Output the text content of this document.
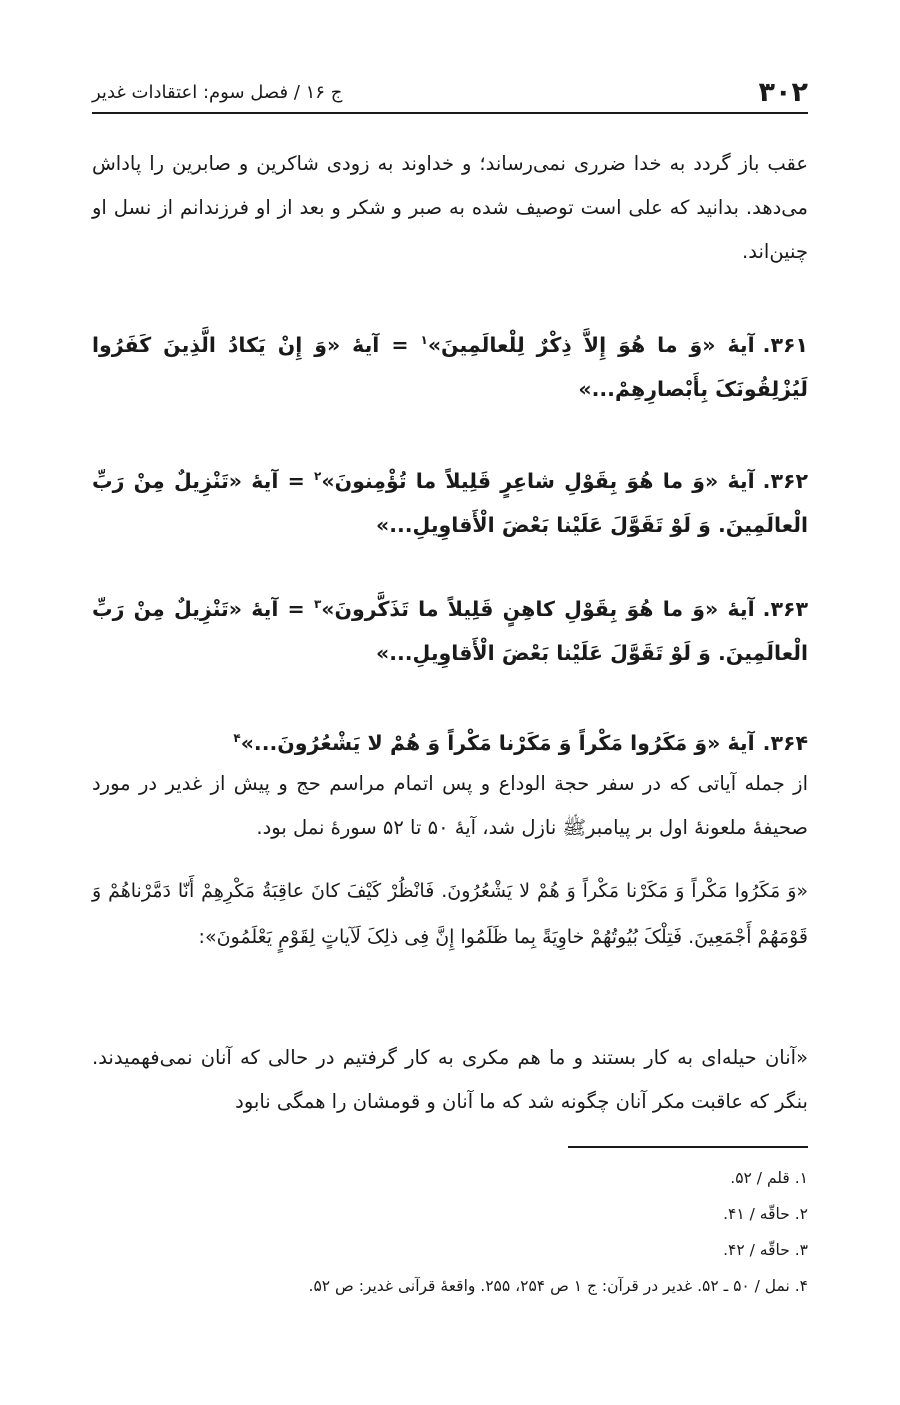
۳۰۲
ج ۱۶ / فصل سوم: اعتقادات غدیر

عقب باز گردد به خدا ضرری نمی‌رساند؛ و خداوند به زودی شاکرین و صابرین را پاداش می‌دهد. بدانید که علی است توصیف شده به صبر و شکر و بعد از او فرزندانم از نسل او چنین‌اند.

۳۶۱.آیهٔ «وَ ما هُوَ إِلاَّ ذِکْرٌ لِلْعالَمِینَ»$^۱$ = آیهٔ «وَ إِنْ یَکادُ الَّذِینَ کَفَرُوا لَیُزْلِقُونَکَ بِأَبْصارِهِمْ...»

۳۶۲.آیهٔ «وَ ما هُوَ بِقَوْلِ شاعِرٍ قَلِیلاً ما تُؤْمِنونَ»$^۲$ = آیهٔ «تَنْزِیلٌ مِنْ رَبِّ الْعالَمِینَ. وَ لَوْ تَقَوَّلَ عَلَیْنا بَعْضَ الْأَقاوِیلِ...»

۳۶۳.آیهٔ «وَ ما هُوَ بِقَوْلِ کاهِنٍ قَلِیلاً ما تَذَکَّرونَ»$^۳$ = آیهٔ «تَنْزِیلٌ مِنْ رَبِّ الْعالَمِینَ. وَ لَوْ تَقَوَّلَ عَلَیْنا بَعْضَ الْأَقاوِیلِ...»

۳۶۴.آیهٔ «وَ مَکَرُوا مَکْراً وَ مَکَرْنا مَکْراً وَ هُمْ لا یَشْعُرُونَ...»$^۴$

از جمله آیاتی که در سفر حجة الوداع و پس اتمام مراسم حج و پیش از غدیر در مورد صحیفهٔ ملعونهٔ اول بر پیامبرﷺ نازل شد، آیهٔ ۵۰ تا ۵۲ سورهٔ نمل بود.

«وَ مَکَرُوا مَکْراً وَ مَکَرْنا مَکْراً وَ هُمْ لا یَشْعُرُونَ. فَانْظُرْ کَیْفَ کانَ عاقِبَةُ مَکْرِهِمْ أَنّا دَمَّرْناهُمْ وَ قَوْمَهُمْ أَجْمَعِینَ. فَتِلْکَ بُیُوتُهُمْ خاوِیَةً بِما ظَلَمُوا إِنَّ فِی ذلِکَ لَآیاتٍ لِقَوْمٍ یَعْلَمُونَ»:

«آنان حیله‌ای به کار بستند و ما هم مکری به کار گرفتیم در حالی که آنان نمی‌فهمیدند. بنگر که عاقبت مکر آنان چگونه شد که ما آنان و قومشان را همگی نابود

۱. قلم / ۵۲.
۲. حاقّه / ۴۱.
۳. حاقّه / ۴۲.
۴. نمل / ۵۰ ـ ۵۲. غدیر در قرآن: ج ۱ ص ۲۵۴، ۲۵۵. واقعهٔ قرآنی غدیر: ص ۵۲.
